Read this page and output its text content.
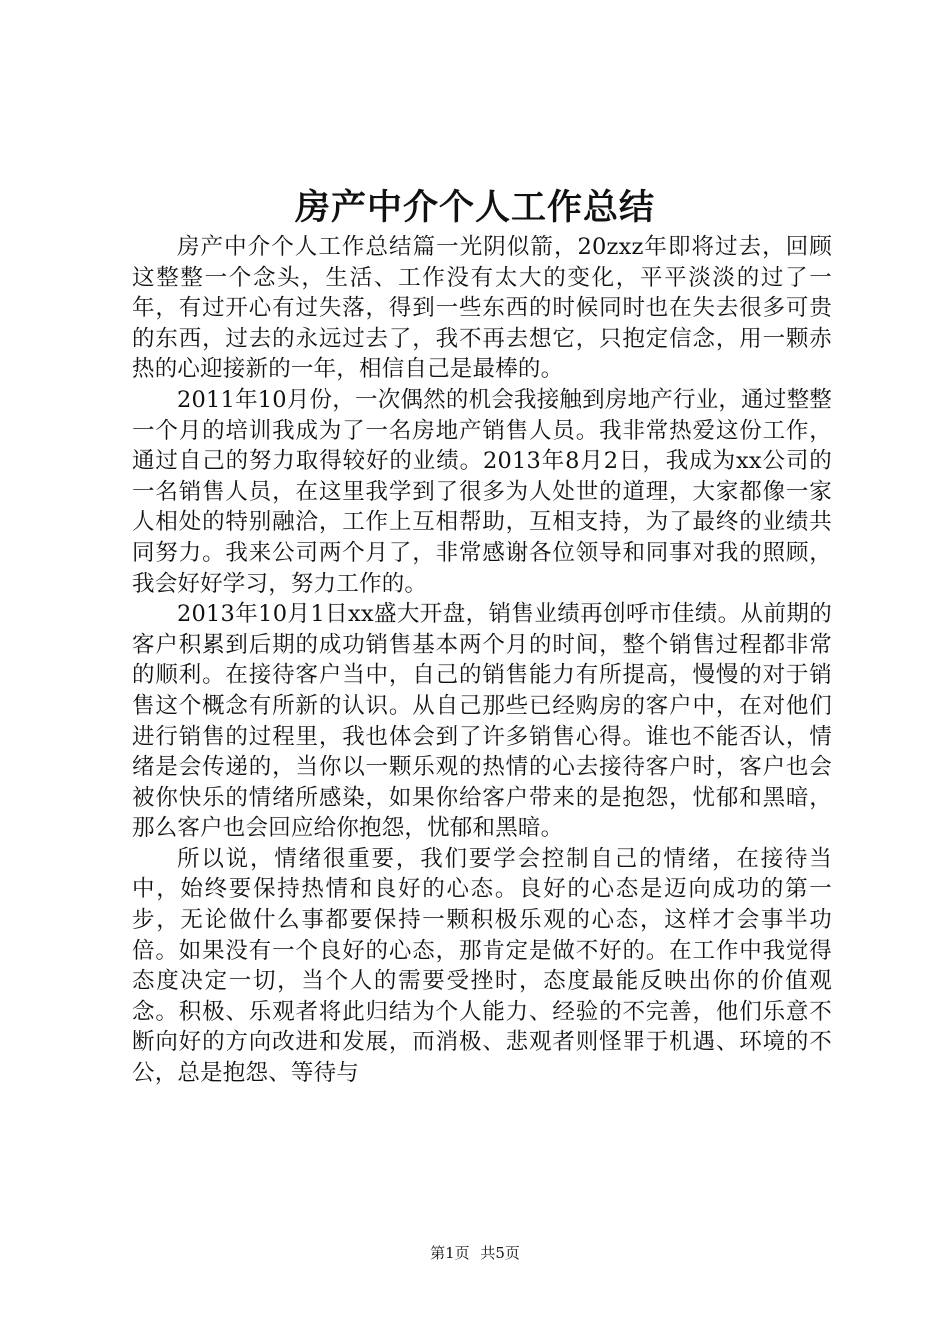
房产中介个人工作总结

房产中介个人工作总结篇一光阴似箭，20zxz年即将过去，回顾这整整一个念头，生活、工作没有太大的变化，平平淡淡的过了一年，有过开心有过失落，得到一些东西的时候同时也在失去很多可贵的东西，过去的永远过去了，我不再去想它，只抱定信念，用一颗赤热的心迎接新的一年，相信自己是最棒的。

2011年10月份，一次偶然的机会我接触到房地产行业，通过整整一个月的培训我成为了一名房地产销售人员。我非常热爱这份工作，通过自己的努力取得较好的业绩。2013年8月2日，我成为xx公司的一名销售人员，在这里我学到了很多为人处世的道理，大家都像一家人相处的特别融洽，工作上互相帮助，互相支持，为了最终的业绩共同努力。我来公司两个月了，非常感谢各位领导和同事对我的照顾，我会好好学习，努力工作的。

2013年10月1日xx盛大开盘，销售业绩再创呼市佳绩。从前期的客户积累到后期的成功销售基本两个月的时间，整个销售过程都非常的顺利。在接待客户当中，自己的销售能力有所提高，慢慢的对于销售这个概念有所新的认识。从自己那些已经购房的客户中，在对他们进行销售的过程里，我也体会到了许多销售心得。谁也不能否认，情绪是会传递的，当你以一颗乐观的热情的心去接待客户时，客户也会被你快乐的情绪所感染，如果你给客户带来的是抱怨，忧郁和黑暗，那么客户也会回应给你抱怨，忧郁和黑暗。

所以说，情绪很重要，我们要学会控制自己的情绪，在接待当中，始终要保持热情和良好的心态。良好的心态是迈向成功的第一步，无论做什么事都要保持一颗积极乐观的心态，这样才会事半功倍。如果没有一个良好的心态，那肯定是做不好的。在工作中我觉得态度决定一切，当个人的需要受挫时，态度最能反映出你的价值观念。积极、乐观者将此归结为个人能力、经验的不完善，他们乐意不断向好的方向改进和发展，而消极、悲观者则怪罪于机遇、环境的不公，总是抱怨、等待与

第1页 共5页
